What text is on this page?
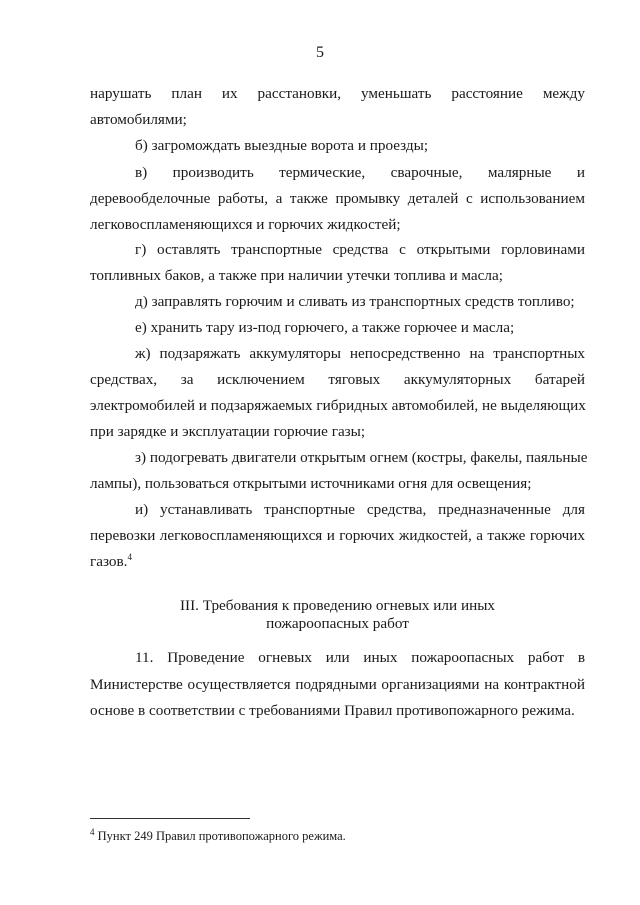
5
нарушать план их расстановки, уменьшать расстояние между
автомобилями;
б) загромождать выездные ворота и проезды;
в) производить термические, сварочные, малярные и
деревообделочные работы, а также промывку деталей с использованием
легковоспламеняющихся и горючих жидкостей;
г) оставлять транспортные средства с открытыми горловинами
топливных баков, а также при наличии утечки топлива и масла;
д) заправлять горючим и сливать из транспортных средств топливо;
е) хранить тару из-под горючего, а также горючее и масла;
ж) подзаряжать аккумуляторы непосредственно на транспортных
средствах, за исключением тяговых аккумуляторных батарей
электромобилей и подзаряжаемых гибридных автомобилей, не выделяющих
при зарядке и эксплуатации горючие газы;
з) подогревать двигатели открытым огнем (костры, факелы, паяльные
лампы), пользоваться открытыми источниками огня для освещения;
и) устанавливать транспортные средства, предназначенные для
перевозки легковоспламеняющихся и горючих жидкостей, а также горючих
газов.$^4$
III. Требования к проведению огневых или иных
пожароопасных работ
11. Проведение огневых или иных пожароопасных работ в
Министерстве осуществляется подрядными организациями на контрактной
основе в соответствии с требованиями Правил противопожарного режима.
$^4$ Пункт 249 Правил противопожарного режима.
